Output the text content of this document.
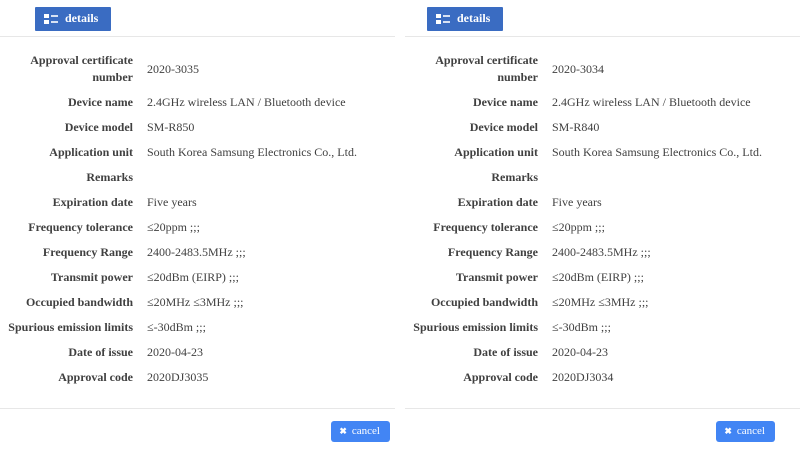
details
Approval certificate number
2020-3035
Device name 2.4GHz wireless LAN / Bluetooth device
Device model SM-R850
Application unit South Korea Samsung Electronics Co., Ltd.
Remarks
Expiration date Five years
Frequency tolerance ≤20ppm ;;;
Frequency Range 2400-2483.5MHz ;;;
Transmit power ≤20dBm (EIRP) ;;;
Occupied bandwidth ≤20MHz ≤3MHz ;;;
Spurious emission limits ≤-30dBm ;;;
Date of issue 2020-04-23
Approval code 2020DJ3035
✖ cancel
details
Approval certificate number
2020-3034
Device name 2.4GHz wireless LAN / Bluetooth device
Device model SM-R840
Application unit South Korea Samsung Electronics Co., Ltd.
Remarks
Expiration date Five years
Frequency tolerance ≤20ppm ;;;
Frequency Range 2400-2483.5MHz ;;;
Transmit power ≤20dBm (EIRP) ;;;
Occupied bandwidth ≤20MHz ≤3MHz ;;;
Spurious emission limits ≤-30dBm ;;;
Date of issue 2020-04-23
Approval code 2020DJ3034
✖ cancel
